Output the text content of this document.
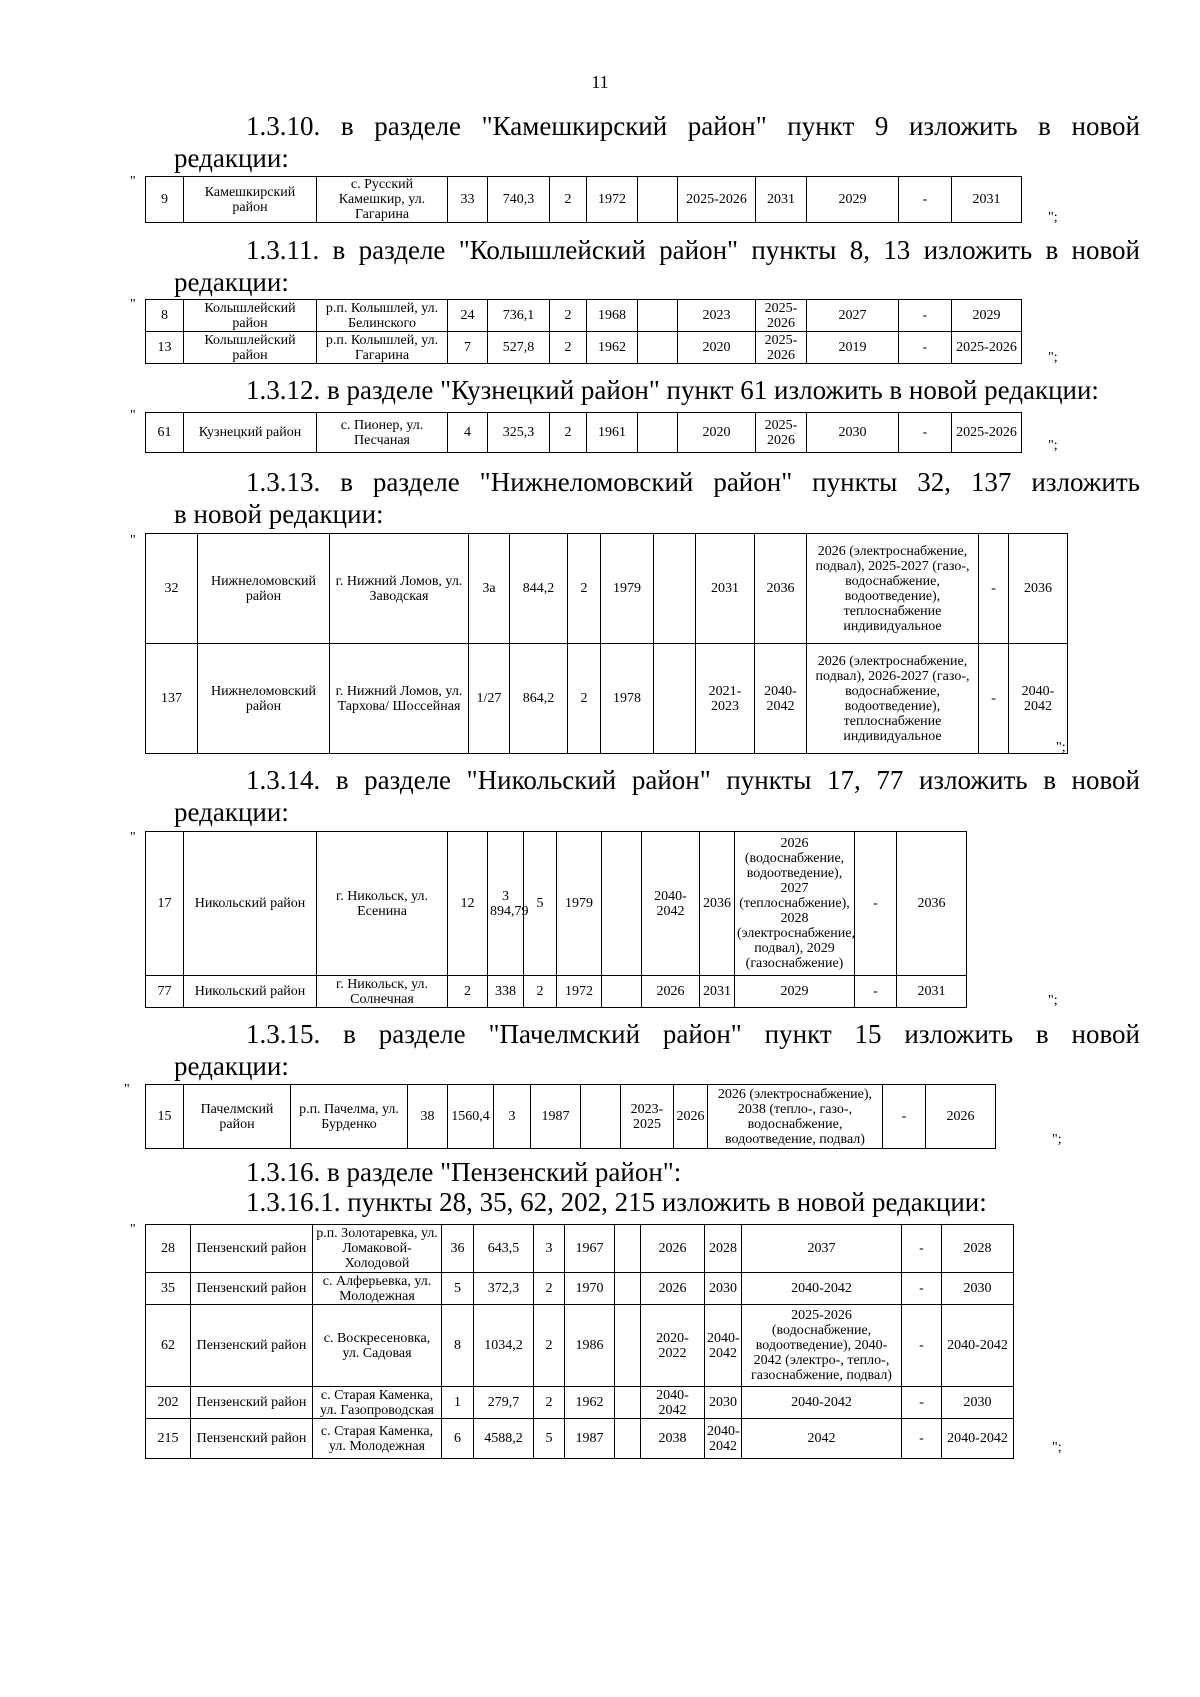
11
1.3.10. в разделе "Камешкирский район" пункт 9 изложить в новой
редакции:
"
9	Камешкирский район	с. Русский Камешкир, ул. Гагарина	33	740,3	2	1972		2025-2026	2031	2029	-	2031
";
1.3.11. в разделе "Колышлейский район" пункты 8, 13 изложить в новой
редакции:
"
8	Колышлейский район	р.п. Колышлей, ул. Белинского	24	736,1	2	1968		2023	2025-2026	2027	-	2029
13	Колышлейский район	р.п. Колышлей, ул. Гагарина	7	527,8	2	1962		2020	2025-2026	2019	-	2025-2026
";
1.3.12. в разделе "Кузнецкий район" пункт 61 изложить в новой редакции:
"
61	Кузнецкий район	с. Пионер, ул. Песчаная	4	325,3	2	1961		2020	2025-2026	2030	-	2025-2026
";
1.3.13. в разделе "Нижнеломовский район" пункты 32, 137 изложить
в новой редакции:
"
32	Нижнеломовский район	г. Нижний Ломов, ул. Заводская	3а	844,2	2	1979		2031	2036	2026 (электроснабжение, подвал), 2025-2027 (газо-, водоснабжение, водоотведение), теплоснабжение индивидуальное	-	2036
137	Нижнеломовский район	г. Нижний Ломов, ул. Тархова/ Шоссейная	1/27	864,2	2	1978		2021-2023	2040-2042	2026 (электроснабжение, подвал), 2026-2027 (газо-, водоснабжение, водоотведение), теплоснабжение индивидуальное	-	2040-2042
";
1.3.14. в разделе "Никольский район" пункты 17, 77 изложить в новой
редакции:
"
17	Никольский район	г. Никольск, ул. Есенина	12	3 894,79	5	1979		2040-2042	2036	2026 (водоснабжение, водоотведение), 2027 (теплоснабжение), 2028 (электроснабжение, подвал), 2029 (газоснабжение)	-	2036
77	Никольский район	г. Никольск, ул. Солнечная	2	338	2	1972		2026	2031	2029	-	2031
";
1.3.15. в разделе "Пачелмский район" пункт 15 изложить в новой
редакции:
"
15	Пачелмский район	р.п. Пачелма, ул. Бурденко	38	1560,4	3	1987		2023-2025	2026	2026 (электроснабжение), 2038 (тепло-, газо-, водоснабжение, водоотведение, подвал)	-	2026
";
1.3.16. в разделе "Пензенский район":
1.3.16.1. пункты 28, 35, 62, 202, 215 изложить в новой редакции:
"
28	Пензенский район	р.п. Золотаревка, ул. Ломаковой-Холодовой	36	643,5	3	1967		2026	2028	2037	-	2028
35	Пензенский район	с. Алферьевка, ул. Молодежная	5	372,3	2	1970		2026	2030	2040-2042	-	2030
62	Пензенский район	с. Воскресеновка, ул. Садовая	8	1034,2	2	1986		2020-2022	2040-2042	2025-2026 (водоснабжение, водоотведение), 2040-2042 (электро-, тепло-, газоснабжение, подвал)	-	2040-2042
202	Пензенский район	с. Старая Каменка, ул. Газопроводская	1	279,7	2	1962		2040-2042	2030	2040-2042	-	2030
215	Пензенский район	с. Старая Каменка, ул. Молодежная	6	4588,2	5	1987		2038	2040-2042	2042	-	2040-2042
";
